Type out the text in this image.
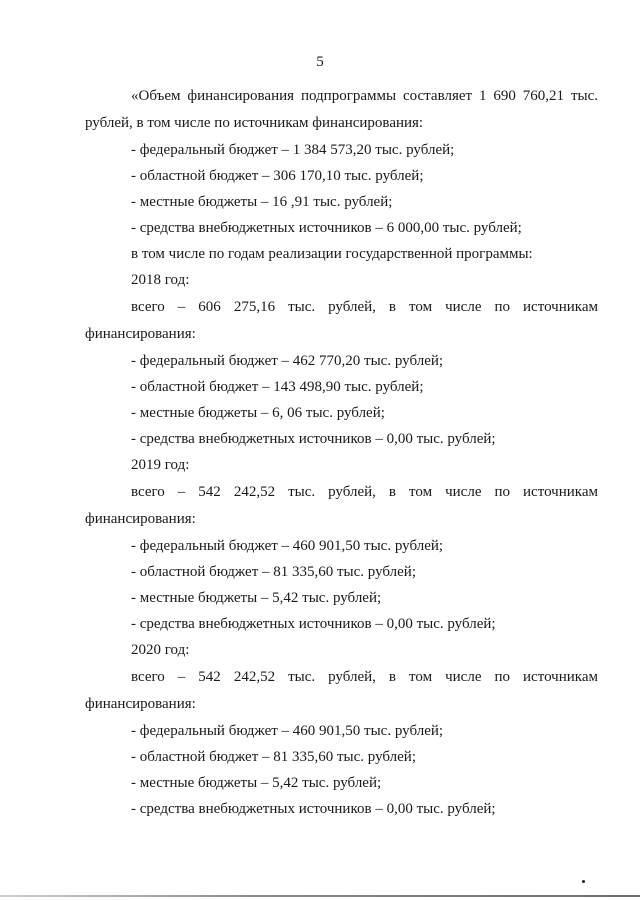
5
«Объем финансирования подпрограммы составляет 1 690 760,21 тыс.
рублей, в том числе по источникам финансирования:
- федеральный бюджет – 1 384 573,20 тыс. рублей;
- областной бюджет – 306 170,10 тыс. рублей;
- местные бюджеты – 16 ,91 тыс. рублей;
- средства внебюджетных источников – 6 000,00 тыс. рублей;
в том числе по годам реализации государственной программы:
2018 год:
всего – 606 275,16 тыс. рублей, в том числе по источникам
финансирования:
- федеральный бюджет – 462 770,20 тыс. рублей;
- областной бюджет – 143 498,90 тыс. рублей;
- местные бюджеты – 6, 06 тыс. рублей;
- средства внебюджетных источников – 0,00 тыс. рублей;
2019 год:
всего – 542 242,52 тыс. рублей, в том числе по источникам
финансирования:
- федеральный бюджет – 460 901,50 тыс. рублей;
- областной бюджет – 81 335,60 тыс. рублей;
- местные бюджеты – 5,42 тыс. рублей;
- средства внебюджетных источников – 0,00 тыс. рублей;
2020 год:
всего – 542 242,52 тыс. рублей, в том числе по источникам
финансирования:
- федеральный бюджет – 460 901,50 тыс. рублей;
- областной бюджет – 81 335,60 тыс. рублей;
- местные бюджеты – 5,42 тыс. рублей;
- средства внебюджетных источников – 0,00 тыс. рублей;
